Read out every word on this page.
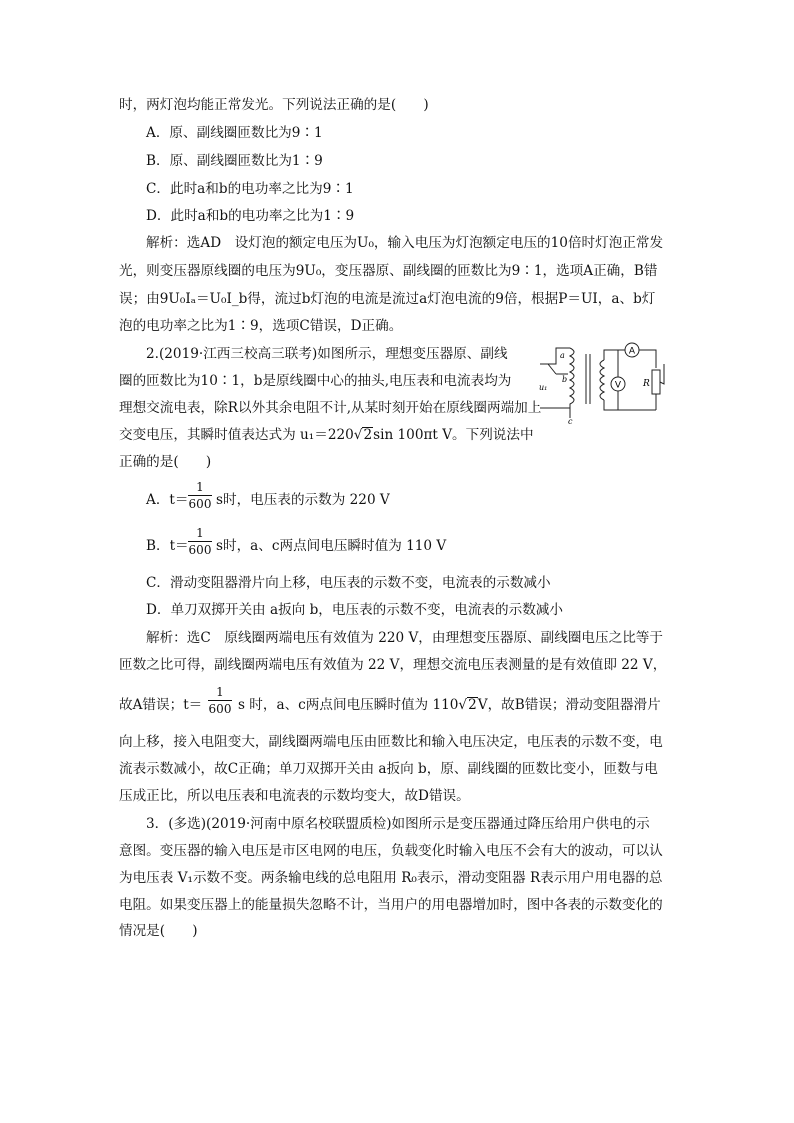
时，两灯泡均能正常发光。下列说法正确的是(　　)
A．原、副线圈匝数比为9∶1
B．原、副线圈匝数比为1∶9
C．此时a和b的电功率之比为9∶1
D．此时a和b的电功率之比为1∶9
解析：选AD　设灯泡的额定电压为U₀，输入电压为灯泡额定电压的10倍时灯泡正常发
光，则变压器原线圈的电压为9U₀，变压器原、副线圈的匝数比为9∶1，选项A正确，B错
误；由9U₀Iₐ＝U₀I_b得，流过b灯泡的电流是流过a灯泡电流的9倍，根据P＝UI，a、b灯
泡的电功率之比为1∶9，选项C错误，D正确。
2.(2019·江西三校高三联考)如图所示，理想变压器原、副线
圈的匝数比为10∶1，b是原线圈中心的抽头,电压表和电流表均为
理想交流电表，除R以外其余电阻不计,从某时刻开始在原线圈两端加上
交变电压，其瞬时值表达式为 u₁＝220√2sin 100πt V。下列说法中
正确的是(　　)
A
V R
a
b
c
u₁
A．t＝
1
600 s时，电压表的示数为 220 V
B．t＝
1
600 s时，a、c两点间电压瞬时值为 110 V
C．滑动变阻器滑片向上移，电压表的示数不变，电流表的示数减小
D．单刀双掷开关由 a扳向 b，电压表的示数不变，电流表的示数减小
解析：选C　原线圈两端电压有效值为 220 V，由理想变压器原、副线圈电压之比等于
匝数之比可得，副线圈两端电压有效值为 22 V，理想交流电压表测量的是有效值即 22 V，
故A错误；t＝
1
600 s 时，a、c两点间电压瞬时值为 110√2V，故B错误；滑动变阻器滑片
向上移，接入电阻变大，副线圈两端电压由匝数比和输入电压决定，电压表的示数不变，电
流表示数减小，故C正确；单刀双掷开关由 a扳向 b，原、副线圈的匝数比变小，匝数与电
压成正比，所以电压表和电流表的示数均变大，故D错误。
3．(多选)(2019·河南中原名校联盟质检)如图所示是变压器通过降压给用户供电的示
意图。变压器的输入电压是市区电网的电压，负载变化时输入电压不会有大的波动，可以认
为电压表 V₁示数不变。两条输电线的总电阻用 R₀表示，滑动变阻器 R表示用户用电器的总
电阻。如果变压器上的能量损失忽略不计，当用户的用电器增加时，图中各表的示数变化的
情况是(　　)
